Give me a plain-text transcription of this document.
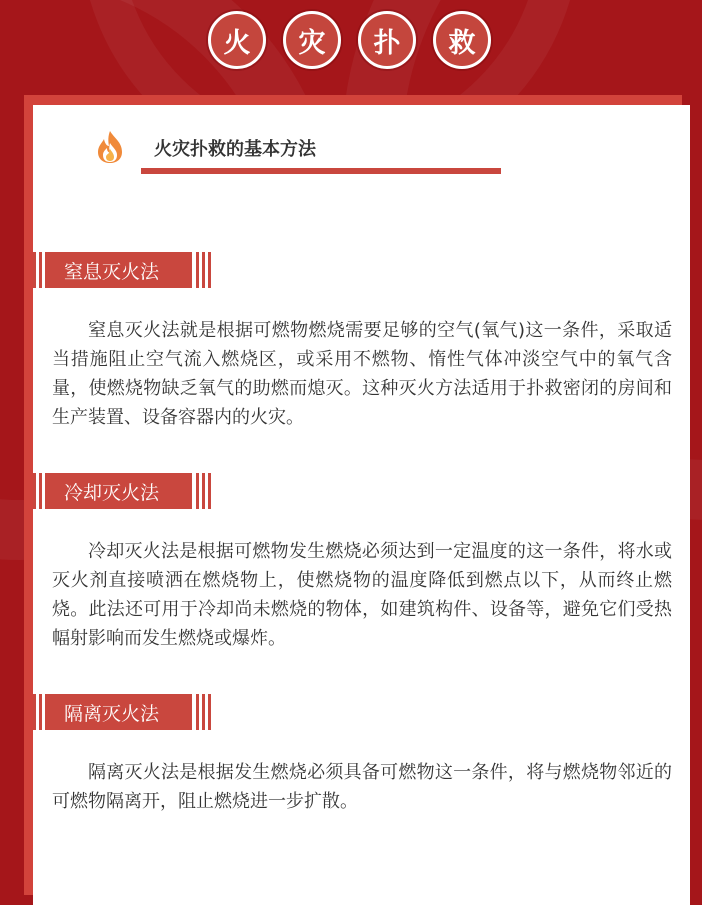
火	灾	扑	救
火灾扑救的基本方法
窒息灭火法

窒息灭火法就是根据可燃物燃烧需要足够的空气(氧气)这一条件，采取适当措施阻止空气流入燃烧区，或采用不燃物、惰性气体冲淡空气中的氧气含量，使燃烧物缺乏氧气的助燃而熄灭。这种灭火方法适用于扑救密闭的房间和生产装置、设备容器内的火灾。

冷却灭火法

冷却灭火法是根据可燃物发生燃烧必须达到一定温度的这一条件，将水或灭火剂直接喷洒在燃烧物上，使燃烧物的温度降低到燃点以下，从而终止燃烧。此法还可用于冷却尚未燃烧的物体，如建筑构件、设备等，避免它们受热幅射影响而发生燃烧或爆炸。

隔离灭火法

隔离灭火法是根据发生燃烧必须具备可燃物这一条件，将与燃烧物邻近的可燃物隔离开，阻止燃烧进一步扩散。
